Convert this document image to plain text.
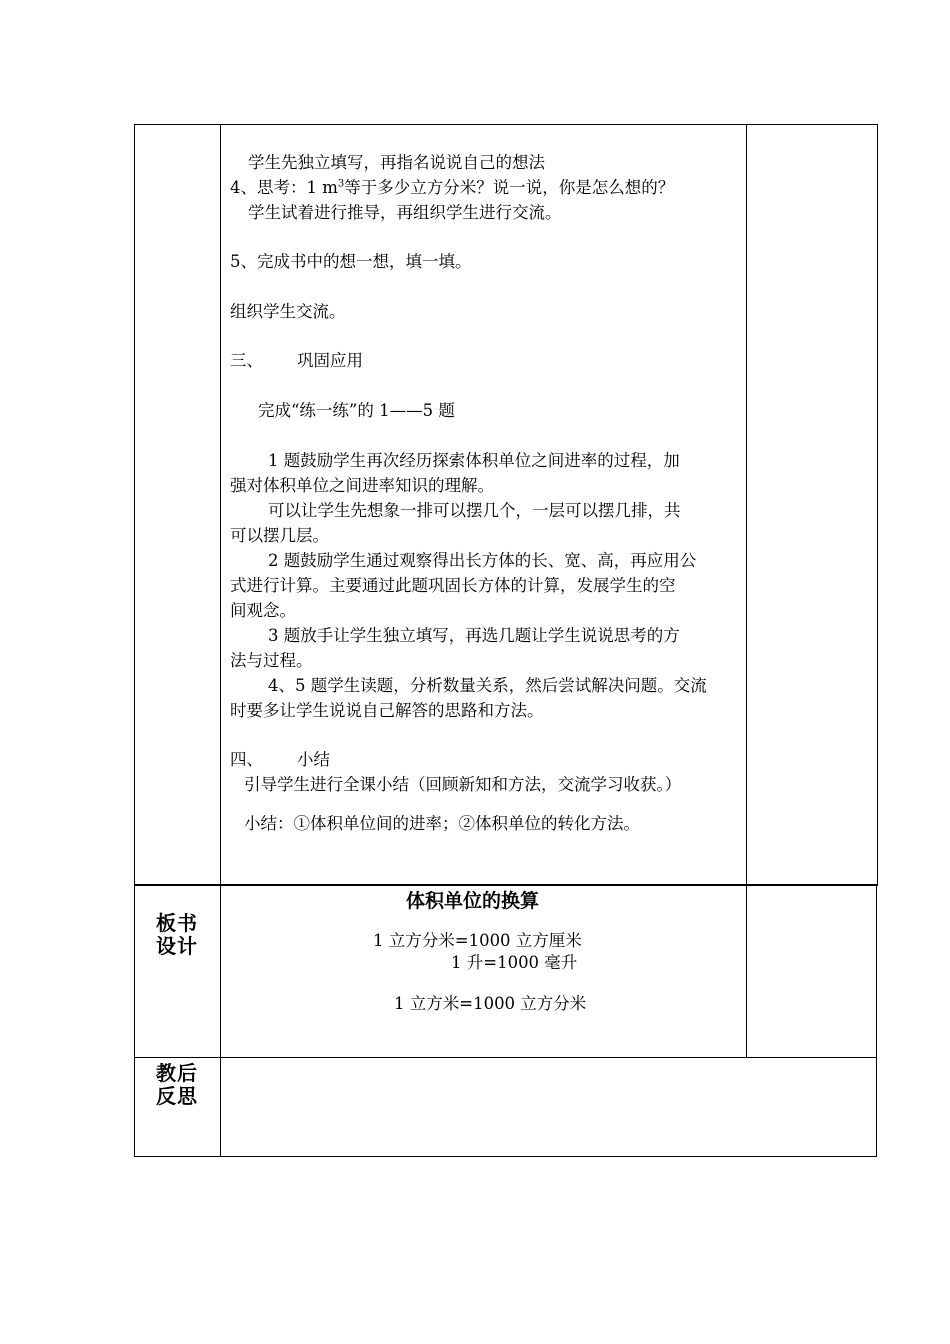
学生先独立填写，再指名说说自己的想法
4、思考：1 $m^3$等于多少立方分米？说一说，你是怎么想的？
学生试着进行推导，再组织学生进行交流。
5、完成书中的想一想，填一填。
组织学生交流。
三、 巩固应用
完成“练一练”的 1——5 题
1 题鼓励学生再次经历探索体积单位之间进率的过程，加
强对体积单位之间进率知识的理解。
可以让学生先想象一排可以摆几个，一层可以摆几排，共
可以摆几层。
2 题鼓励学生通过观察得出长方体的长、宽、高，再应用公
式进行计算。主要通过此题巩固长方体的计算，发展学生的空
间观念。
3 题放手让学生独立填写，再选几题让学生说说思考的方
法与过程。
4、5 题学生读题，分析数量关系，然后尝试解决问题。交流
时要多让学生说说自己解答的思路和方法。
四、 小结
引导学生进行全课小结（回顾新知和方法，交流学习收获。）
小结：①体积单位间的进率；②体积单位的转化方法。
板书
设计
体积单位的换算
1 立方分米=1000 立方厘米
1 升=1000 毫升
1 立方米=1000 立方分米
教后
反思
